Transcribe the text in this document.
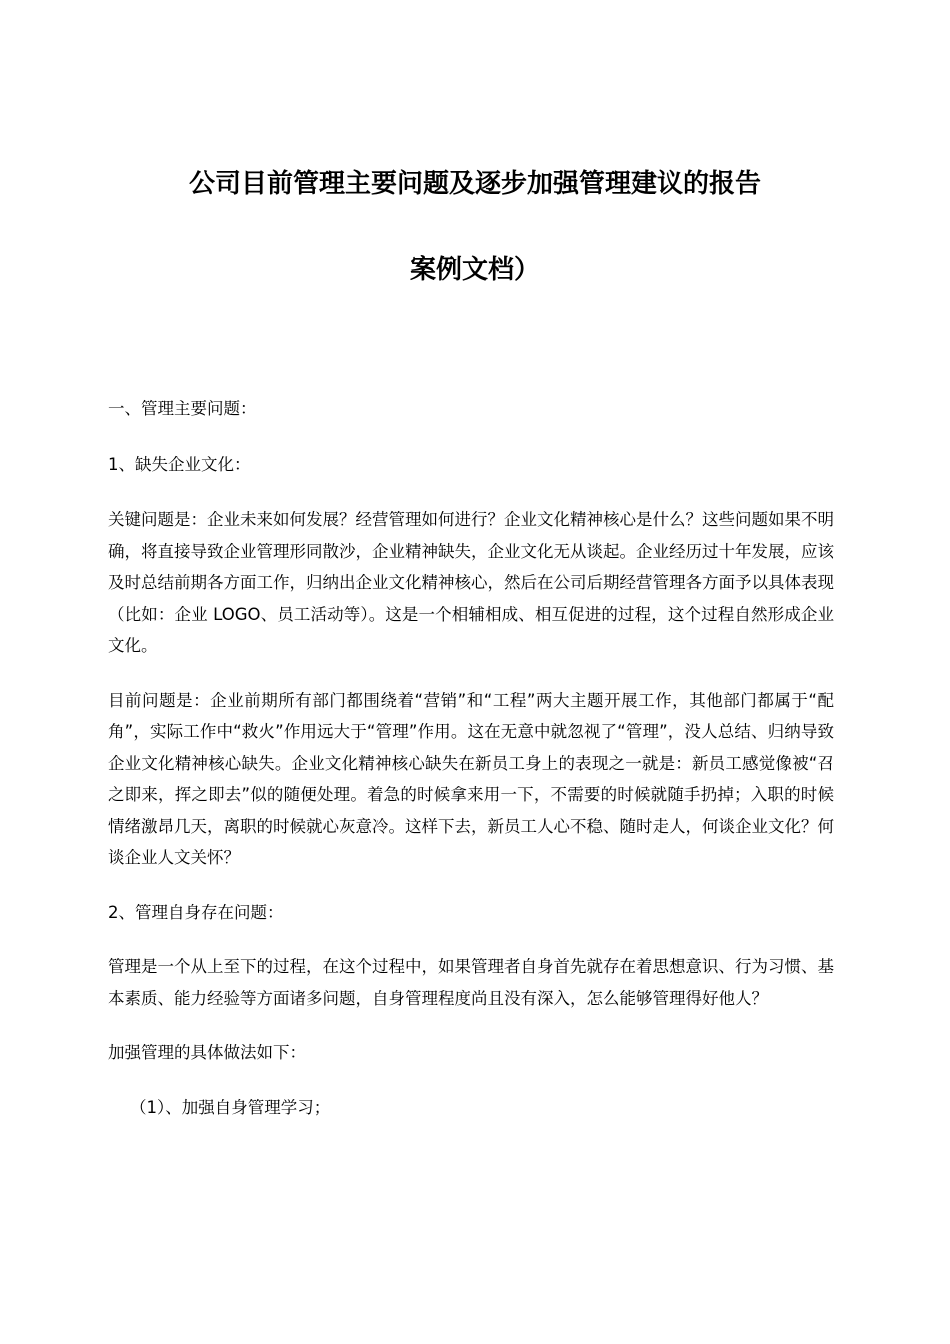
公司目前管理主要问题及逐步加强管理建议的报告
案例文档）

一、管理主要问题：

1、缺失企业文化：

关键问题是：企业未来如何发展？经营管理如何进行？企业文化精神核心是什么？这些问题如果不明确，将直接导致企业管理形同散沙，企业精神缺失，企业文化无从谈起。企业经历过十年发展，应该及时总结前期各方面工作，归纳出企业文化精神核心，然后在公司后期经营管理各方面予以具体表现（比如：企业 LOGO、员工活动等）。这是一个相辅相成、相互促进的过程，这个过程自然形成企业文化。

目前问题是：企业前期所有部门都围绕着“营销”和“工程”两大主题开展工作，其他部门都属于“配角”，实际工作中“救火”作用远大于“管理”作用。这在无意中就忽视了“管理”，没人总结、归纳导致企业文化精神核心缺失。企业文化精神核心缺失在新员工身上的表现之一就是：新员工感觉像被“召之即来，挥之即去”似的随便处理。着急的时候拿来用一下，不需要的时候就随手扔掉；入职的时候情绪激昂几天，离职的时候就心灰意冷。这样下去，新员工人心不稳、随时走人，何谈企业文化？何谈企业人文关怀？

2、管理自身存在问题：

管理是一个从上至下的过程，在这个过程中，如果管理者自身首先就存在着思想意识、行为习惯、基本素质、能力经验等方面诸多问题，自身管理程度尚且没有深入，怎么能够管理得好他人？

加强管理的具体做法如下：

（1）、加强自身管理学习；
